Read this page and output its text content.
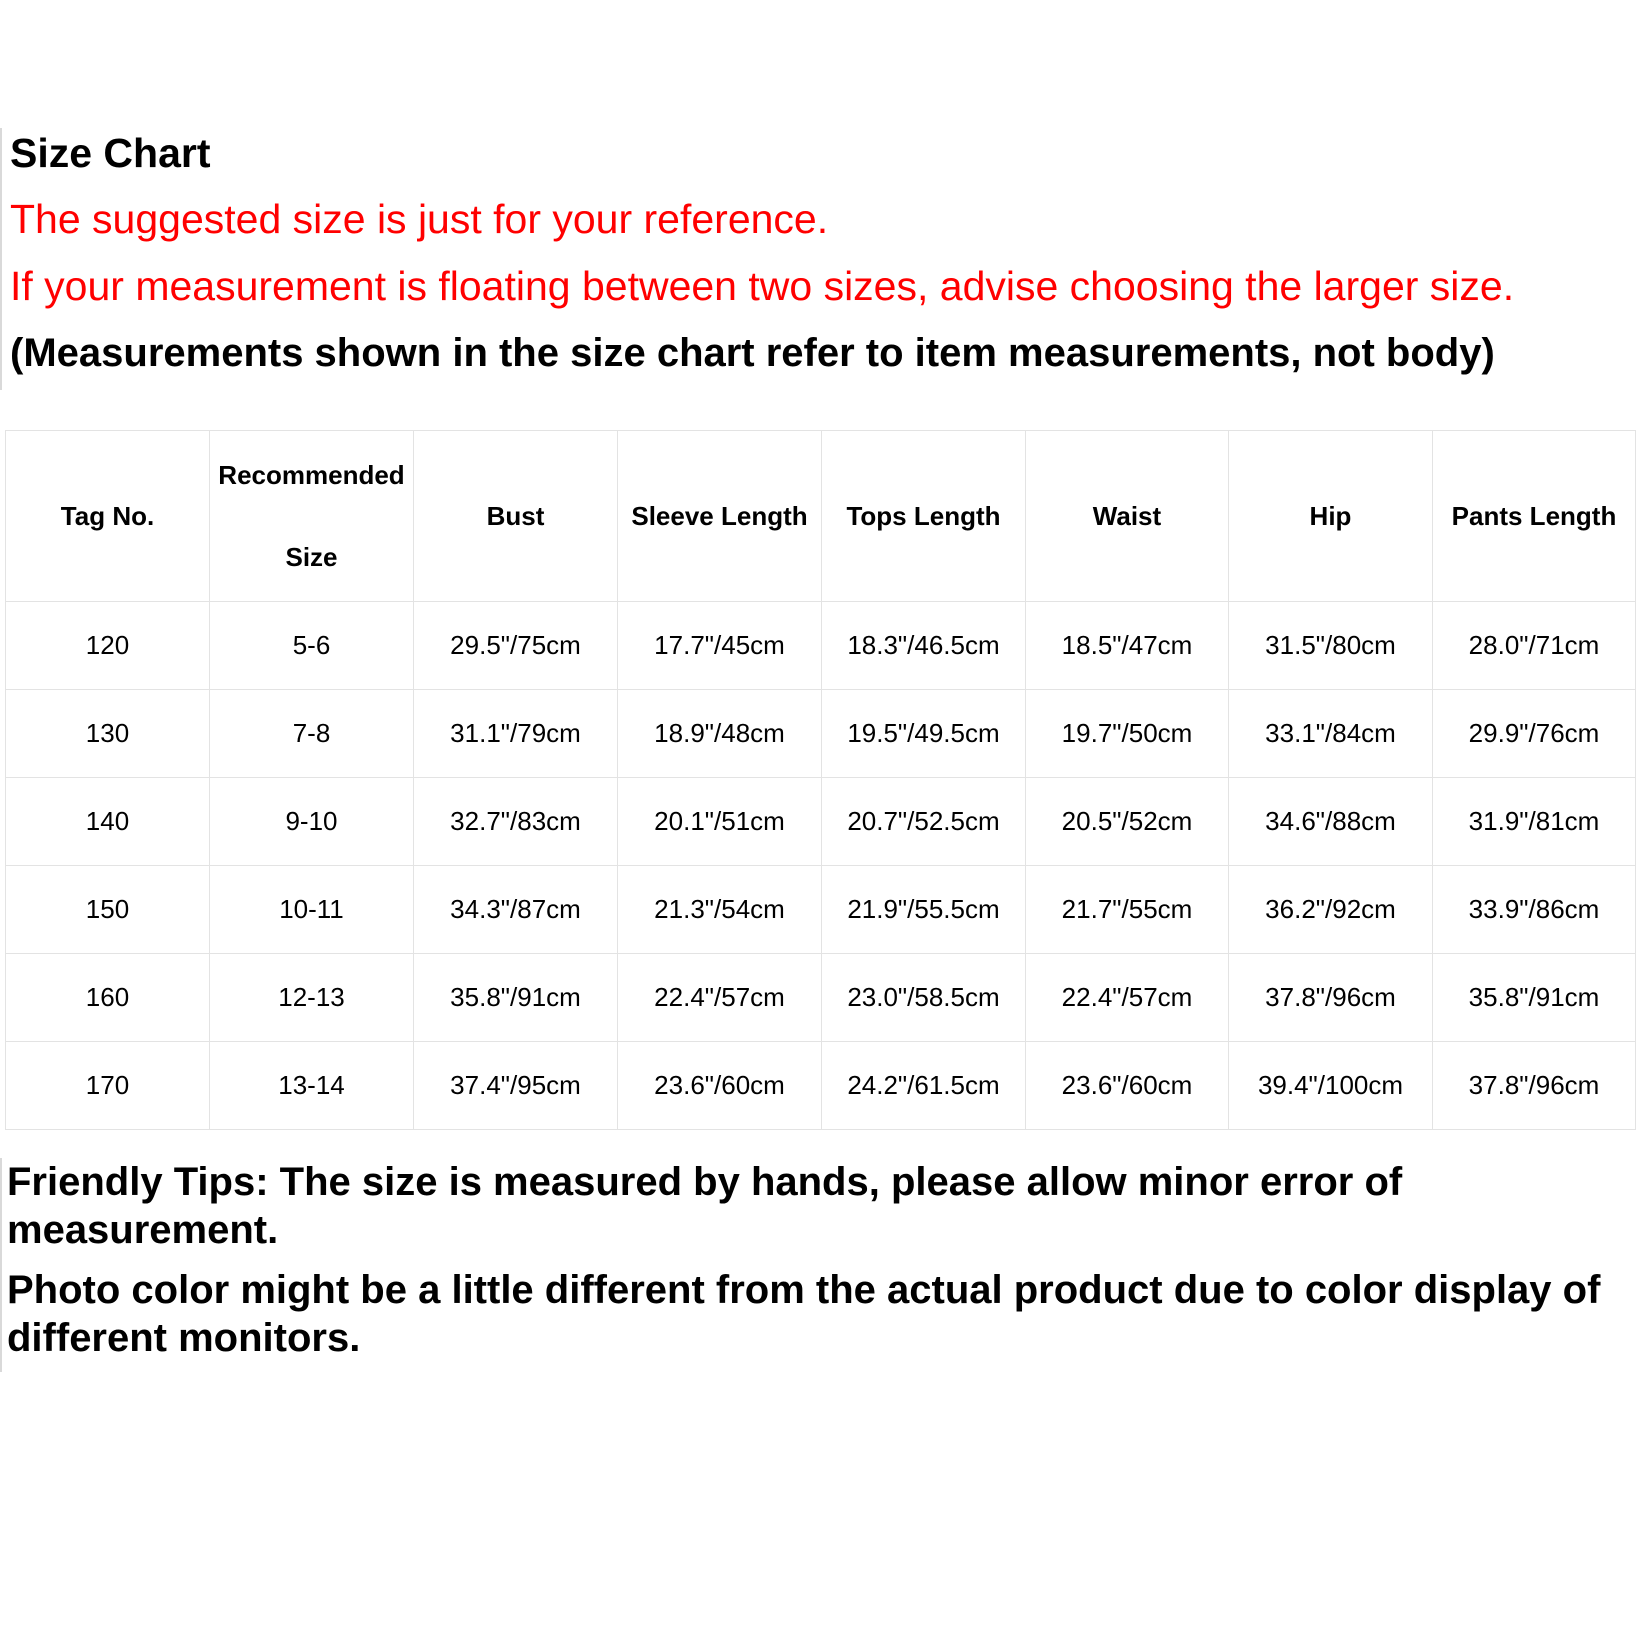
Size Chart
The suggested size is just for your reference.
If your measurement is floating between two sizes, advise choosing the larger size.
(Measurements shown in the size chart refer to item measurements, not body)
Tag No.	Recommended Size	Bust	Sleeve Length	Tops Length	Waist	Hip	Pants Length
120	5-6	29.5"/75cm	17.7"/45cm	18.3"/46.5cm	18.5"/47cm	31.5"/80cm	28.0"/71cm
130	7-8	31.1"/79cm	18.9"/48cm	19.5"/49.5cm	19.7"/50cm	33.1"/84cm	29.9"/76cm
140	9-10	32.7"/83cm	20.1"/51cm	20.7"/52.5cm	20.5"/52cm	34.6"/88cm	31.9"/81cm
150	10-11	34.3"/87cm	21.3"/54cm	21.9"/55.5cm	21.7"/55cm	36.2"/92cm	33.9"/86cm
160	12-13	35.8"/91cm	22.4"/57cm	23.0"/58.5cm	22.4"/57cm	37.8"/96cm	35.8"/91cm
170	13-14	37.4"/95cm	23.6"/60cm	24.2"/61.5cm	23.6"/60cm	39.4"/100cm	37.8"/96cm

Friendly Tips: The size is measured by hands, please allow minor error of measurement.

Photo color might be a little different from the actual product due to color display of different monitors.
